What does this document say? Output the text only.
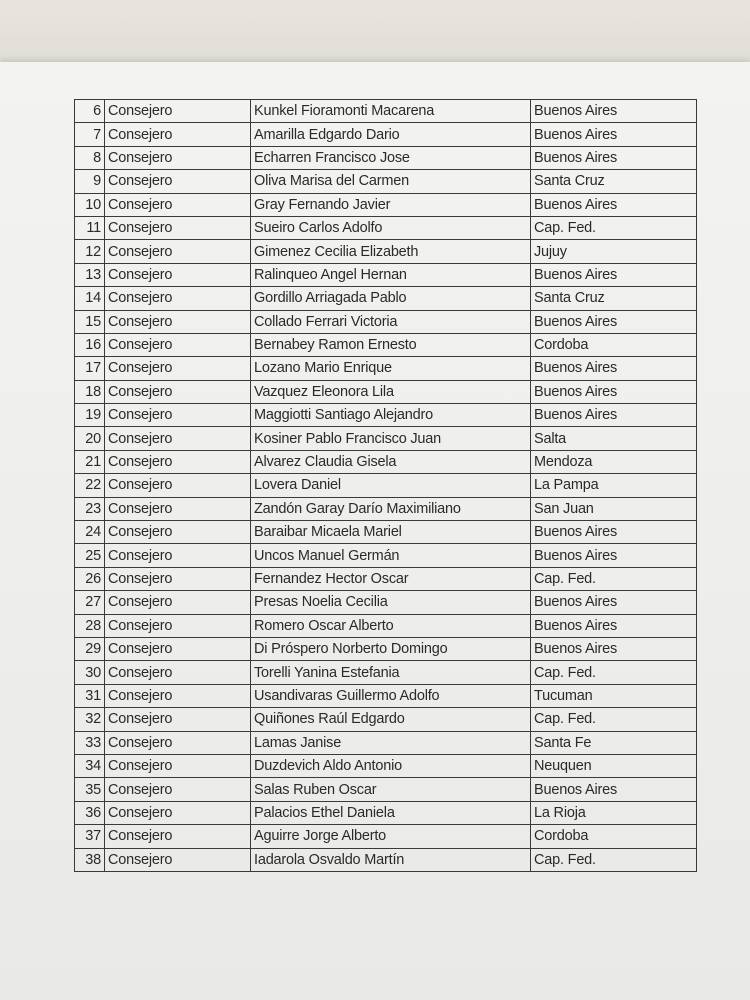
6	Consejero	Kunkel Fioramonti Macarena	Buenos Aires
7	Consejero	Amarilla Edgardo Dario	Buenos Aires
8	Consejero	Echarren Francisco Jose	Buenos Aires
9	Consejero	Oliva Marisa del Carmen	Santa Cruz
10	Consejero	Gray Fernando Javier	Buenos Aires
11	Consejero	Sueiro Carlos Adolfo	Cap. Fed.
12	Consejero	Gimenez Cecilia Elizabeth	Jujuy
13	Consejero	Ralinqueo Angel Hernan	Buenos Aires
14	Consejero	Gordillo Arriagada Pablo	Santa Cruz
15	Consejero	Collado Ferrari Victoria	Buenos Aires
16	Consejero	Bernabey Ramon Ernesto	Cordoba
17	Consejero	Lozano Mario Enrique	Buenos Aires
18	Consejero	Vazquez Eleonora Lila	Buenos Aires
19	Consejero	Maggiotti Santiago Alejandro	Buenos Aires
20	Consejero	Kosiner Pablo Francisco Juan	Salta
21	Consejero	Alvarez Claudia Gisela	Mendoza
22	Consejero	Lovera Daniel	La Pampa
23	Consejero	Zandón Garay Darío Maximiliano	San Juan
24	Consejero	Baraibar Micaela Mariel	Buenos Aires
25	Consejero	Uncos Manuel Germán	Buenos Aires
26	Consejero	Fernandez Hector Oscar	Cap. Fed.
27	Consejero	Presas Noelia Cecilia	Buenos Aires
28	Consejero	Romero Oscar Alberto	Buenos Aires
29	Consejero	Di Próspero Norberto Domingo	Buenos Aires
30	Consejero	Torelli Yanina Estefania	Cap. Fed.
31	Consejero	Usandivaras Guillermo Adolfo	Tucuman
32	Consejero	Quiñones Raúl Edgardo	Cap. Fed.
33	Consejero	Lamas Janise	Santa Fe
34	Consejero	Duzdevich Aldo Antonio	Neuquen
35	Consejero	Salas Ruben Oscar	Buenos Aires
36	Consejero	Palacios Ethel Daniela	La Rioja
37	Consejero	Aguirre Jorge Alberto	Cordoba
38	Consejero	Iadarola Osvaldo Martín	Cap. Fed.
